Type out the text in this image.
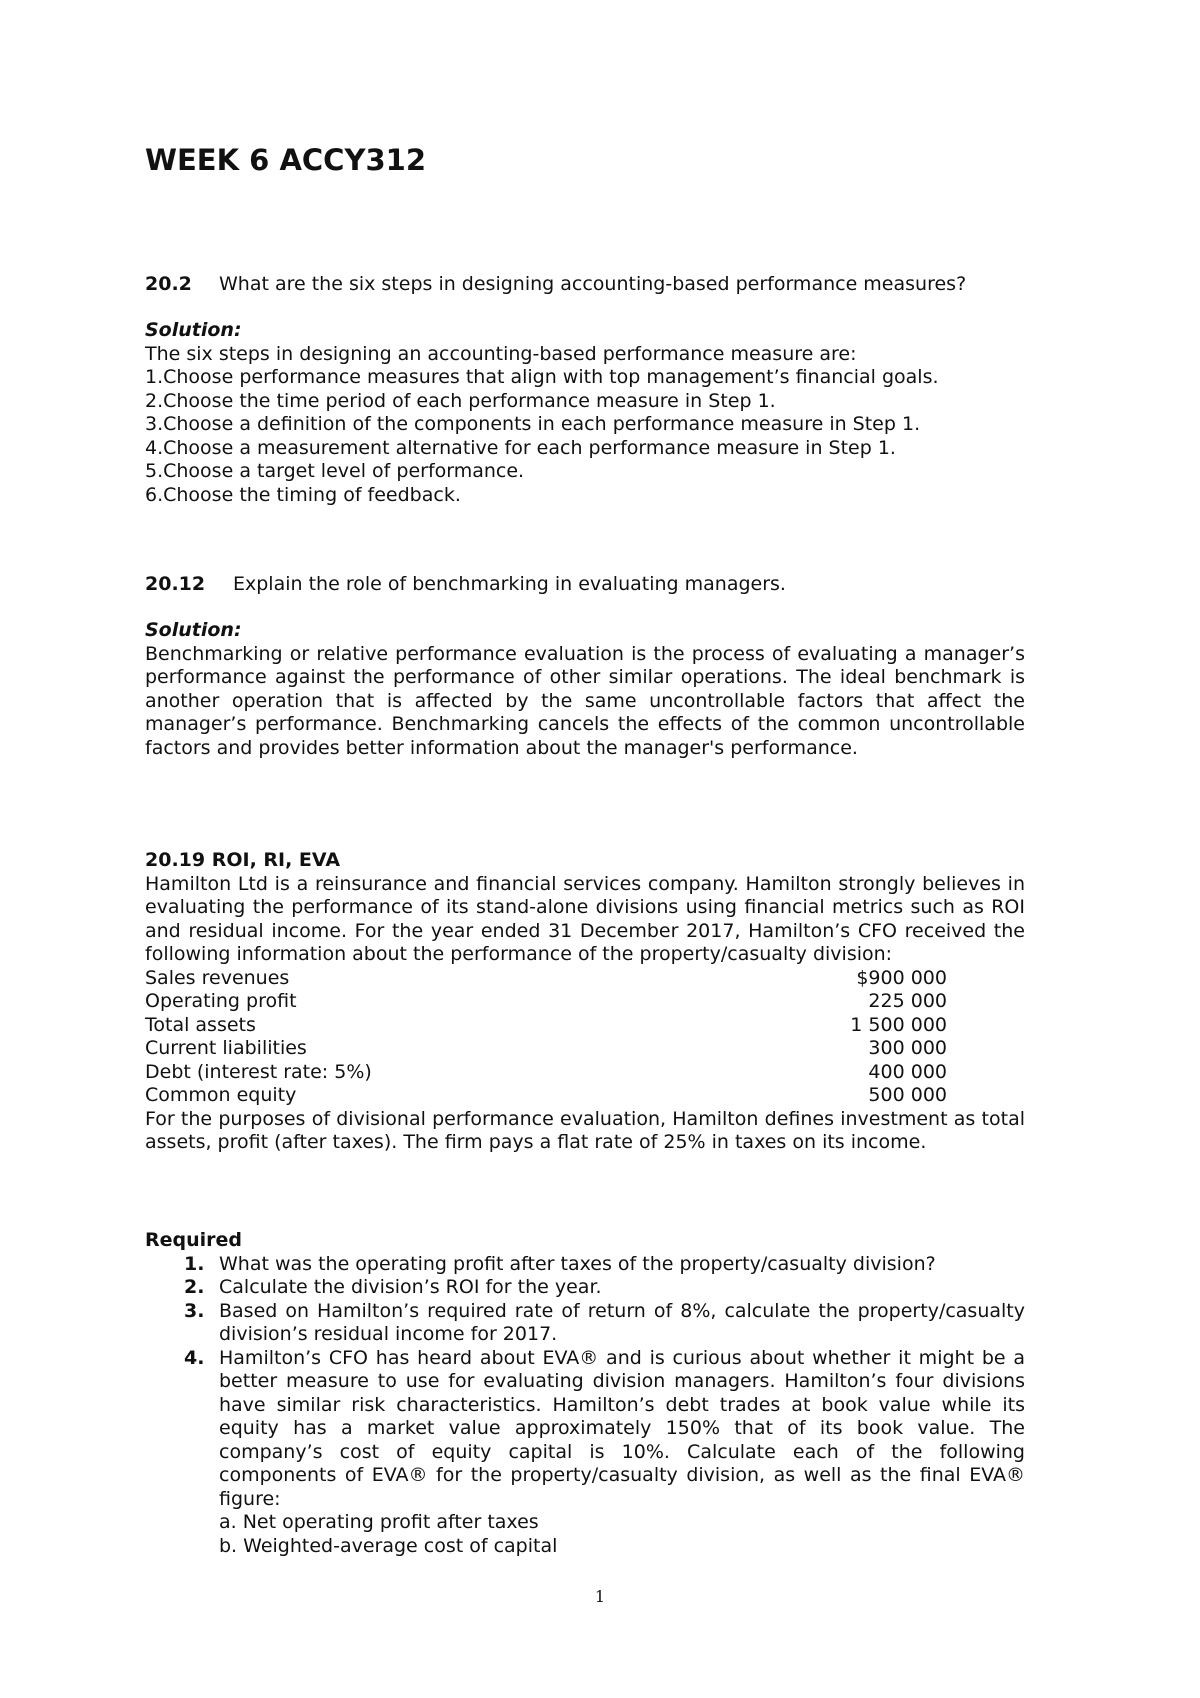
WEEK 6 ACCY312

20.2 What are the six steps in designing accounting-based performance measures?

Solution:

The six steps in designing an accounting-based performance measure are:

1.Choose performance measures that align with top management’s financial goals.

2.Choose the time period of each performance measure in Step 1.

3.Choose a definition of the components in each performance measure in Step 1.

4.Choose a measurement alternative for each performance measure in Step 1.

5.Choose a target level of performance.

6.Choose the timing of feedback.

20.12 Explain the role of benchmarking in evaluating managers.

Solution:

Benchmarking or relative performance evaluation is the process of evaluating a manager’s performance against the performance of other similar operations. The ideal benchmark is another operation that is affected by the same uncontrollable factors that affect the manager’s performance. Benchmarking cancels the effects of the common uncontrollable factors and provides better information about the manager's performance.

20.19 ROI, RI, EVA

Hamilton Ltd is a reinsurance and financial services company. Hamilton strongly believes in evaluating the performance of its stand-alone divisions using financial metrics such as ROI and residual income. For the year ended 31 December 2017, Hamilton’s CFO received the following information about the performance of the property/casualty division:

Sales revenues	$900 000
Operating profit	225 000
Total assets	1 500 000
Current liabilities	300 000
Debt (interest rate: 5%)	400 000
Common equity	500 000

For the purposes of divisional performance evaluation, Hamilton defines investment as total assets, profit (after taxes). The firm pays a flat rate of 25% in taxes on its income.

Required

1. What was the operating profit after taxes of the property/casualty division?
2. Calculate the division’s ROI for the year.
3. Based on Hamilton’s required rate of return of 8%, calculate the property/casualty division’s residual income for 2017.
4. Hamilton’s CFO has heard about EVA® and is curious about whether it might be a better measure to use for evaluating division managers. Hamilton’s four divisions have similar risk characteristics. Hamilton’s debt trades at book value while its equity has a market value approximately 150% that of its book value. The company’s cost of equity capital is 10%. Calculate each of the following components of EVA® for the property/casualty division, as well as the final EVA® figure:
a. Net operating profit after taxes
b. Weighted-average cost of capital
1
